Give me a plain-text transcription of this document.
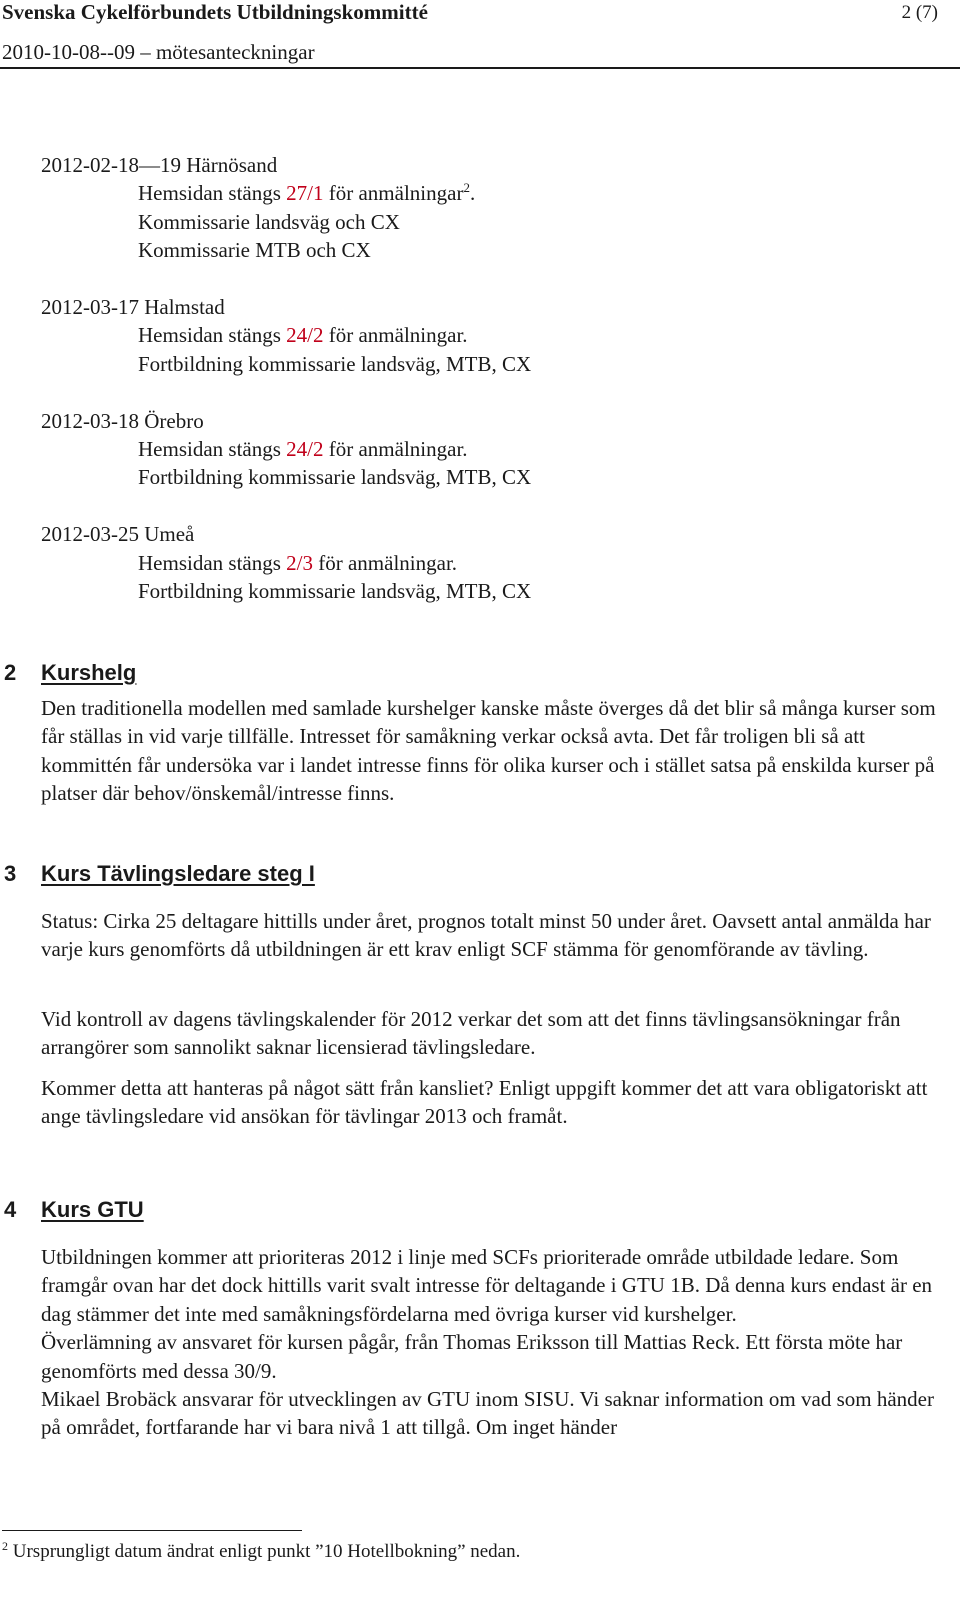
Svenska Cykelförbundets Utbildningskommitté	2 (7)
2010-10-08--09 – mötesanteckningar
2012-02-18—19 Härnösand
Hemsidan stängs 27/1 för anmälningar$^2$.
Kommissarie landsväg och CX
Kommissarie MTB och CX
2012-03-17 Halmstad
Hemsidan stängs 24/2 för anmälningar.
Fortbildning kommissarie landsväg, MTB, CX
2012-03-18 Örebro
Hemsidan stängs 24/2 för anmälningar.
Fortbildning kommissarie landsväg, MTB, CX
2012-03-25 Umeå
Hemsidan stängs 2/3 för anmälningar.
Fortbildning kommissarie landsväg, MTB, CX
2 Kurshelg
Den traditionella modellen med samlade kurshelger kanske måste överges då det blir så många kurser som får ställas in vid varje tillfälle. Intresset för samåkning verkar också avta. Det får troligen bli så att kommittén får undersöka var i landet intresse finns för olika kurser och i stället satsa på enskilda kurser på platser där behov/önskemål/intresse finns.
3 Kurs Tävlingsledare steg I
Status: Cirka 25 deltagare hittills under året, prognos totalt minst 50 under året. Oavsett antal anmälda har varje kurs genomförts då utbildningen är ett krav enligt SCF stämma för genomförande av tävling.
Vid kontroll av dagens tävlingskalender för 2012 verkar det som att det finns tävlingsansökningar från arrangörer som sannolikt saknar licensierad tävlingsledare.
Kommer detta att hanteras på något sätt från kansliet? Enligt uppgift kommer det att vara obligatoriskt att ange tävlingsledare vid ansökan för tävlingar 2013 och framåt.
4 Kurs GTU
Utbildningen kommer att prioriteras 2012 i linje med SCFs prioriterade område utbildade ledare. Som framgår ovan har det dock hittills varit svalt intresse för deltagande i GTU 1B. Då denna kurs endast är en dag stämmer det inte med samåkningsfördelarna med övriga kurser vid kurshelger.
Överlämning av ansvaret för kursen pågår, från Thomas Eriksson till Mattias Reck. Ett första möte har genomförts med dessa 30/9.
Mikael Brobäck ansvarar för utvecklingen av GTU inom SISU. Vi saknar information om vad som händer på området, fortfarande har vi bara nivå 1 att tillgå. Om inget händer
$^2$ Ursprungligt datum ändrat enligt punkt ”10 Hotellbokning” nedan.
